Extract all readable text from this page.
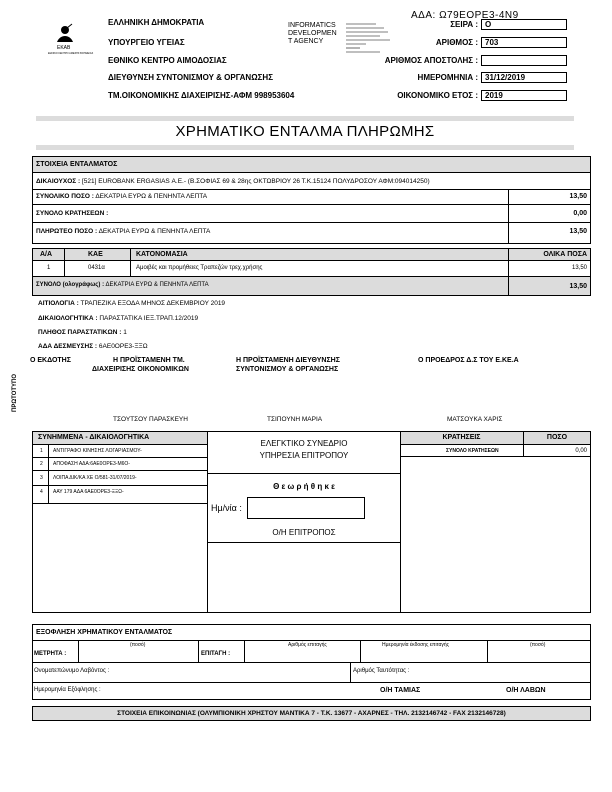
ΑΔΑ: Ω79ΕΟΡΕ3-4Ν9
ΕΚΑΒ
ΕΘΝΙΚΟ ΚΕΝΤΡΟ ΑΜΕΣΗΣ ΒΟΗΘΕΙΑΣ
ΕΛΛΗΝΙΚΗ ΔΗΜΟΚΡΑΤΙΑ
ΥΠΟΥΡΓΕΙΟ ΥΓΕΙΑΣ
ΕΘΝΙΚΟ ΚΕΝΤΡΟ ΑΙΜΟΔΟΣΙΑΣ
ΔΙΕΥΘΥΝΣΗ ΣΥΝΤΟΝΙΣΜΟΥ & ΟΡΓΑΝΩΣΗΣ
ΤΜ.ΟΙΚΟΝΟΜΙΚΗΣ ΔΙΑΧΕΙΡΙΣΗΣ-ΑΦΜ 998953604
INFORMATICS
DEVELOPMEN
T AGENCY
ΣΕΙΡΑ : Ο
ΑΡΙΘΜΟΣ : 703
ΑΡΙΘΜΟΣ ΑΠΟΣΤΟΛΗΣ :
ΗΜΕΡΟΜΗΝΙΑ : 31/12/2019
ΟΙΚΟΝΟΜΙΚΟ ΕΤΟΣ : 2019
ΧΡΗΜΑΤΙΚΟ ΕΝΤΑΛΜΑ ΠΛΗΡΩΜΗΣ
ΣΤΟΙΧΕΙΑ ΕΝΤΑΛΜΑΤΟΣ
ΔΙΚΑΙΟΥΧΟΣ : [521] EUROBANK ERGASIAS Α.Ε.- (Β.ΣΟΦΙΑΣ 69 & 28ης ΟΚΤΩΒΡΙΟΥ 26 Τ.Κ.15124 ΠΟΛΥΔΡΟΣΟΥ ΑΦΜ:094014250)
ΣΥΝΟΛΙΚΟ ΠΟΣΟ : ΔΕΚΑΤΡΙΑ ΕΥΡΩ & ΠΕΝΗΝΤΑ ΛΕΠΤΑ	13,50
ΣΥΝΟΛΟ ΚΡΑΤΗΣΕΩΝ :	0,00
ΠΛΗΡΩΤΕΟ ΠΟΣΟ : ΔΕΚΑΤΡΙΑ ΕΥΡΩ & ΠΕΝΗΝΤΑ ΛΕΠΤΑ	13,50
Α/Α	ΚΑΕ	ΚΑΤΟΝΟΜΑΣΙΑ	ΟΛΙΚΑ ΠΟΣΑ
1	0431α	Αμοιβές και προμήθειες Τραπεζών τρεχ.χρήσης	13,50
ΣΥΝΟΛΟ (ολογράφως) : ΔΕΚΑΤΡΙΑ ΕΥΡΩ & ΠΕΝΗΝΤΑ ΛΕΠΤΑ	13,50
ΑΙΤΙΟΛΟΓΙΑ : ΤΡΑΠΕΖΙΚΑ ΕΞΟΔΑ ΜΗΝΟΣ ΔΕΚΕΜΒΡΙΟΥ 2019
ΔΙΚΑΙΟΛΟΓΗΤΙΚΑ : ΠΑΡΑΣΤΑΤΙΚΑ ΙΕΞ.ΤΡΑΠ.12/2019
ΠΛΗΘΟΣ ΠΑΡΑΣΤΑΤΙΚΩΝ : 1
ΑΔΑ ΔΕΣΜΕΥΣΗΣ : 6ΑΕ0ΟΡΕ3-ΞΞΩ
ΠΡΩΤΟΤΥΠΟ
Ο ΕΚΔΟΤΗΣ	Η ΠΡΟΪΣΤΑΜΕΝΗ ΤΜ.
ΔΙΑΧΕΙΡΙΣΗΣ ΟΙΚΟΝΟΜΙΚΩΝ
Η ΠΡΟΪΣΤΑΜΕΝΗ ΔΙΕΥΘΥΝΣΗΣ
ΣΥΝΤΟΝΙΣΜΟΥ & ΟΡΓΑΝΩΣΗΣ
Ο ΠΡΟΕΔΡΟΣ Δ.Σ ΤΟΥ Ε.ΚΕ.Α
ΤΣΟΥΤΣΟΥ ΠΑΡΑΣΚΕΥΗ	ΤΣΙΠΟΥΝΗ ΜΑΡΙΑ	ΜΑΤΣΟΥΚΑ ΧΑΡΙΣ
ΣΥΝΗΜΜΕΝΑ - ΔΙΚΑΙΟΛΟΓΗΤΙΚΑ
1 ΑΝΤΙΓΡΑΦΟ ΚΙΝΗΣΗΣ ΛΟΓΑΡΙΑΣΜΟΥ-
2 ΑΠΟΦΑΣΗ ΑΔΑ:6ΑΕ0ΟΡΕ3-Μ6Ο-
3 ΛΟΙΠΑ ΔΙΚ/ΚΑ ΧΕ Ο/581-31/07/2019-
4 ΑΑΥ 179 ΑΔΑ 6ΑΕ0ΟΡΕ3-ΞΞΩ-
ΕΛΕΓΚΤΙΚΟ ΣΥΝΕΔΡΙΟ
ΥΠΗΡΕΣΙΑ ΕΠΙΤΡΟΠΟΥ
Θ ε ω ρ ή θ η κ ε
Ημ/νία :
Ο/Η ΕΠΙΤΡΟΠΟΣ
ΚΡΑΤΗΣΕΙΣ	ΠΟΣΟ
ΣΥΝΟΛΟ ΚΡΑΤΗΣΕΩΝ	0,00
ΕΞΟΦΛΗΣΗ ΧΡΗΜΑΤΙΚΟΥ ΕΝΤΑΛΜΑΤΟΣ
(ποσό)
ΜΕΤΡΗΤΑ :	ΕΠΙΤΑΓΗ :
Αριθμός επιταγής	Ημερομηνία έκδοσης επιταγής	(ποσό)
Ονοματεπώνυμο Λαβόντος :	Αριθμός Ταυτότητας :
Ημερομηνία Εξόφλησης :	Ο/Η ΤΑΜΙΑΣ	Ο/Η ΛΑΒΩΝ
ΣΤΟΙΧΕΙΑ ΕΠΙΚΟΙΝΩΝΙΑΣ (ΟΛΥΜΠΙΟΝΙΚΗ ΧΡΗΣΤΟΥ ΜΑΝΤΙΚΑ 7 - Τ.Κ. 13677 - ΑΧΑΡΝΕΣ - ΤΗΛ. 2132146742 - FAX 2132146728)
